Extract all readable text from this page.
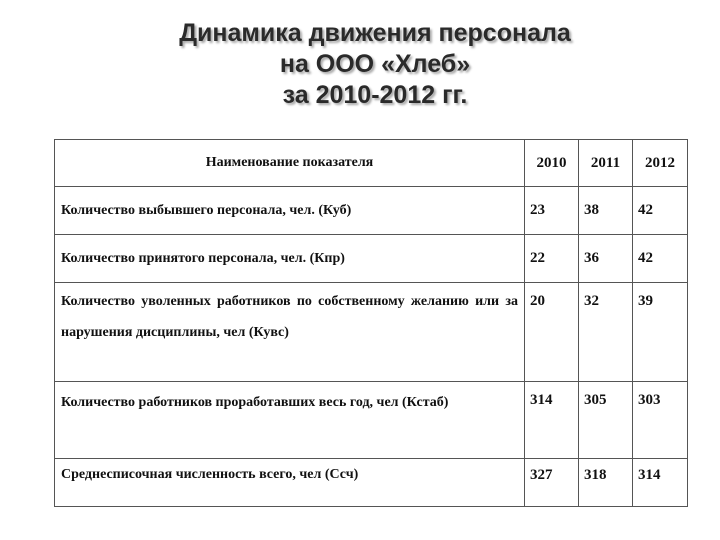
Динамика движения персонала
на ООО «Хлеб»
за 2010-2012 гг.
Наименование показателя	2010	2011	2012
Количество выбывшего персонала, чел. (Куб)	23	38	42
Количество принятого персонала, чел. (Кпр)	22	36	42
Количество уволенных работников по собственному желанию или за нарушения дисциплины, чел (Кувс)	20	32	39
Количество работников проработавших весь год, чел (Кстаб)	314	305	303
Среднесписочная численность всего, чел (Ссч)	327	318	314
